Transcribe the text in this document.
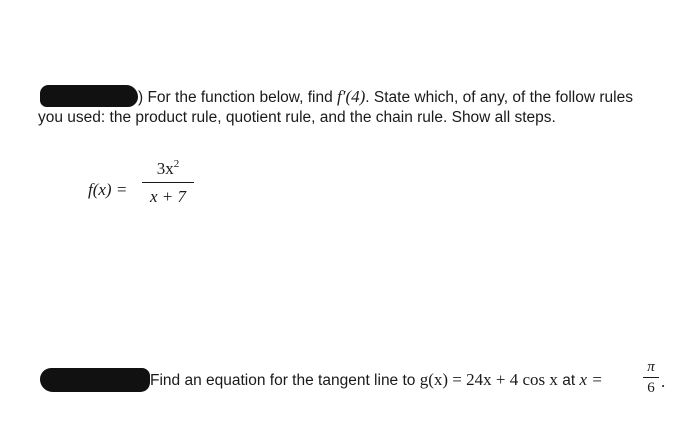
) For the function below, find f′(4). State which, of any, of the follow rules
you used: the product rule, quotient rule, and the chain rule. Show all steps.
f(x) =
$3x^2$
x + 7
Find an equation for the tangent line to g(x) = 24x + 4 cos x at x =
π
6 .
